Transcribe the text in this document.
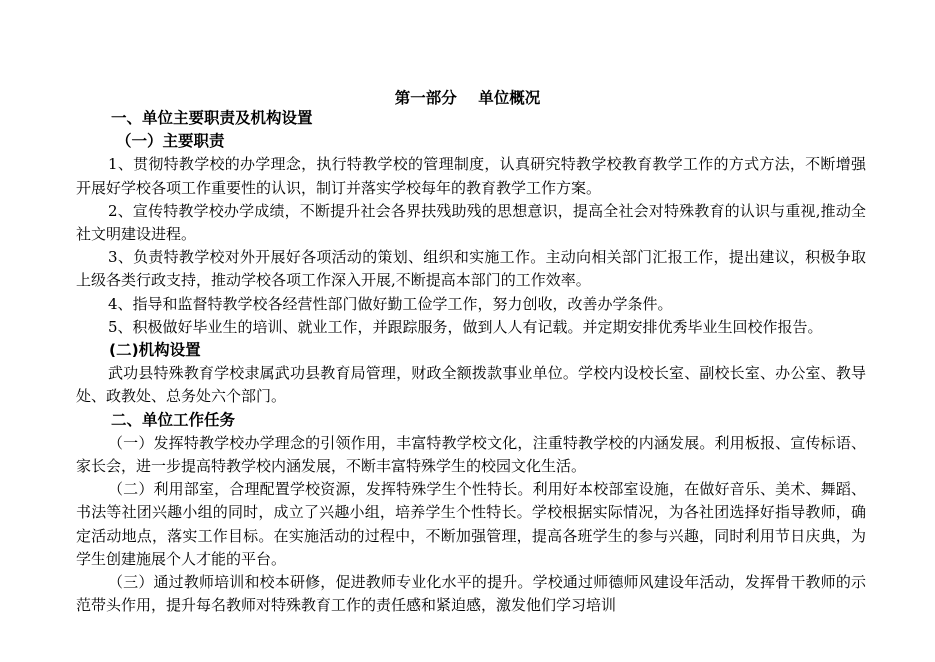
第一部分    单位概况
一、单位主要职责及机构设置
（一）主要职责

1、贯彻特教学校的办学理念，执行特教学校的管理制度，认真研究特教学校教育教学工作的方式方法，不断增强开展好学校各项工作重要性的认识，制订并落实学校每年的教育教学工作方案。

2、宣传特教学校办学成绩，不断提升社会各界扶残助残的思想意识，提高全社会对特殊教育的认识与重视,推动全社文明建设进程。

3、负责特教学校对外开展好各项活动的策划、组织和实施工作。主动向相关部门汇报工作，提出建议，积极争取上级各类行政支持，推动学校各项工作深入开展,不断提高本部门的工作效率。

4、指导和监督特教学校各经营性部门做好勤工俭学工作，努力创收，改善办学条件。

5、积极做好毕业生的培训、就业工作，并跟踪服务，做到人人有记载。并定期安排优秀毕业生回校作报告。

(二)机构设置

武功县特殊教育学校隶属武功县教育局管理，财政全额拨款事业单位。学校内设校长室、副校长室、办公室、教导处、政教处、总务处六个部门。

二、单位工作任务

（一）发挥特教学校办学理念的引领作用，丰富特教学校文化，注重特教学校的内涵发展。利用板报、宣传标语、家长会，进一步提高特教学校内涵发展，不断丰富特殊学生的校园文化生活。

（二）利用部室，合理配置学校资源，发挥特殊学生个性特长。利用好本校部室设施，在做好音乐、美术、舞蹈、书法等社团兴趣小组的同时，成立了兴趣小组，培养学生个性特长。学校根据实际情况，为各社团选择好指导教师，确定活动地点，落实工作目标。在实施活动的过程中，不断加强管理，提高各班学生的参与兴趣，同时利用节日庆典，为学生创建施展个人才能的平台。

（三）通过教师培训和校本研修，促进教师专业化水平的提升。学校通过师德师风建设年活动，发挥骨干教师的示范带头作用，提升每名教师对特殊教育工作的责任感和紧迫感，激发他们学习培训
